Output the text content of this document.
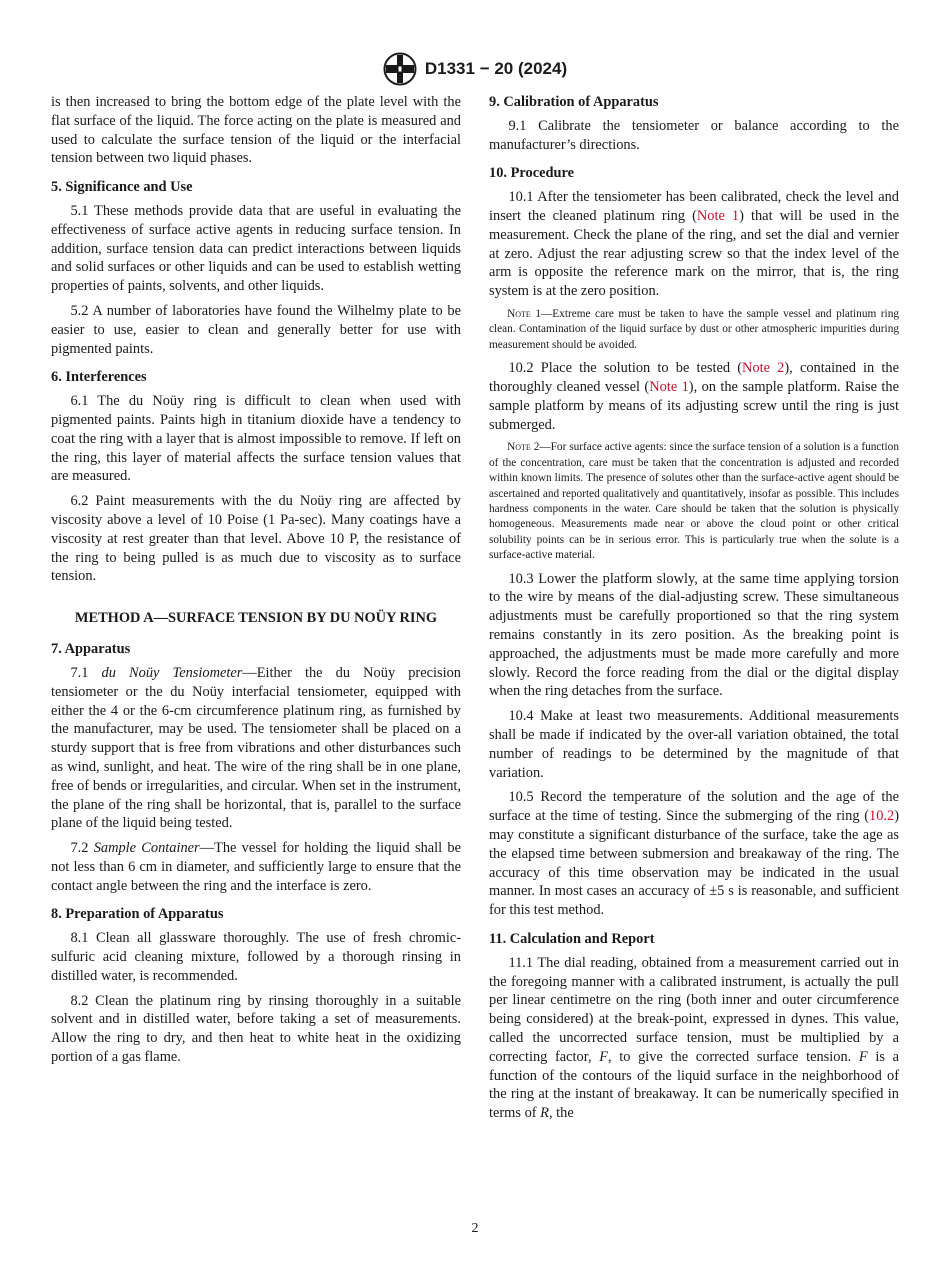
D1331 − 20 (2024)

is then increased to bring the bottom edge of the plate level with the flat surface of the liquid. The force acting on the plate is measured and used to calculate the surface tension of the liquid or the interfacial tension between two liquid phases.

5. Significance and Use

5.1 These methods provide data that are useful in evaluating the effectiveness of surface active agents in reducing surface tension. In addition, surface tension data can predict interactions between liquids and solid surfaces or other liquids and can be used to establish wetting properties of paints, solvents, and other liquids.

5.2 A number of laboratories have found the Wilhelmy plate to be easier to use, easier to clean and generally better for use with pigmented paints.

6. Interferences

6.1 The du Noüy ring is difficult to clean when used with pigmented paints. Paints high in titanium dioxide have a tendency to coat the ring with a layer that is almost impossible to remove. If left on the ring, this layer of material affects the surface tension values that are measured.

6.2 Paint measurements with the du Noüy ring are affected by viscosity above a level of 10 Poise (1 Pa-sec). Many coatings have a viscosity at rest greater than that level. Above 10 P, the resistance of the ring to being pulled is as much due to viscosity as to surface tension.

METHOD A—SURFACE TENSION BY DU NOÜY RING
7. Apparatus

7.1 du Noüy Tensiometer—Either the du Noüy precision tensiometer or the du Noüy interfacial tensiometer, equipped with either the 4 or the 6-cm circumference platinum ring, as furnished by the manufacturer, may be used. The tensiometer shall be placed on a sturdy support that is free from vibrations and other disturbances such as wind, sunlight, and heat. The wire of the ring shall be in one plane, free of bends or irregularities, and circular. When set in the instrument, the plane of the ring shall be horizontal, that is, parallel to the surface plane of the liquid being tested.

7.2 Sample Container—The vessel for holding the liquid shall be not less than 6 cm in diameter, and sufficiently large to ensure that the contact angle between the ring and the interface is zero.

8. Preparation of Apparatus

8.1 Clean all glassware thoroughly. The use of fresh chromic-sulfuric acid cleaning mixture, followed by a thorough rinsing in distilled water, is recommended.

8.2 Clean the platinum ring by rinsing thoroughly in a suitable solvent and in distilled water, before taking a set of measurements. Allow the ring to dry, and then heat to white heat in the oxidizing portion of a gas flame.

9. Calibration of Apparatus

9.1 Calibrate the tensiometer or balance according to the manufacturer’s directions.

10. Procedure

10.1 After the tensiometer has been calibrated, check the level and insert the cleaned platinum ring (Note 1) that will be used in the measurement. Check the plane of the ring, and set the dial and vernier at zero. Adjust the rear adjusting screw so that the index level of the arm is opposite the reference mark on the mirror, that is, the ring system is at the zero position.

Note 1—Extreme care must be taken to have the sample vessel and platinum ring clean. Contamination of the liquid surface by dust or other atmospheric impurities during measurement should be avoided.

10.2 Place the solution to be tested (Note 2), contained in the thoroughly cleaned vessel (Note 1), on the sample platform. Raise the sample platform by means of its adjusting screw until the ring is just submerged.

Note 2—For surface active agents: since the surface tension of a solution is a function of the concentration, care must be taken that the concentration is adjusted and recorded within known limits. The presence of solutes other than the surface-active agent should be ascertained and reported qualitatively and quantitatively, insofar as possible. This includes hardness components in the water. Care should be taken that the solution is physically homogeneous. Measurements made near or above the cloud point or other critical solubility points can be in serious error. This is particularly true when the solute is a surface-active material.

10.3 Lower the platform slowly, at the same time applying torsion to the wire by means of the dial-adjusting screw. These simultaneous adjustments must be carefully proportioned so that the ring system remains constantly in its zero position. As the breaking point is approached, the adjustments must be made more carefully and more slowly. Record the force reading from the dial or the digital display when the ring detaches from the surface.

10.4 Make at least two measurements. Additional measurements shall be made if indicated by the over-all variation obtained, the total number of readings to be determined by the magnitude of that variation.

10.5 Record the temperature of the solution and the age of the surface at the time of testing. Since the submerging of the ring (10.2) may constitute a significant disturbance of the surface, take the age as the elapsed time between submersion and breakaway of the ring. The accuracy of this time observation may be indicated in the usual manner. In most cases an accuracy of ±5 s is reasonable, and sufficient for this test method.

11. Calculation and Report

11.1 The dial reading, obtained from a measurement carried out in the foregoing manner with a calibrated instrument, is actually the pull per linear centimetre on the ring (both inner and outer circumference being considered) at the break-point, expressed in dynes. This value, called the uncorrected surface tension, must be multiplied by a correcting factor, F, to give the corrected surface tension. F is a function of the contours of the liquid surface in the neighborhood of the ring at the instant of breakaway. It can be numerically specified in terms of R, the

2
